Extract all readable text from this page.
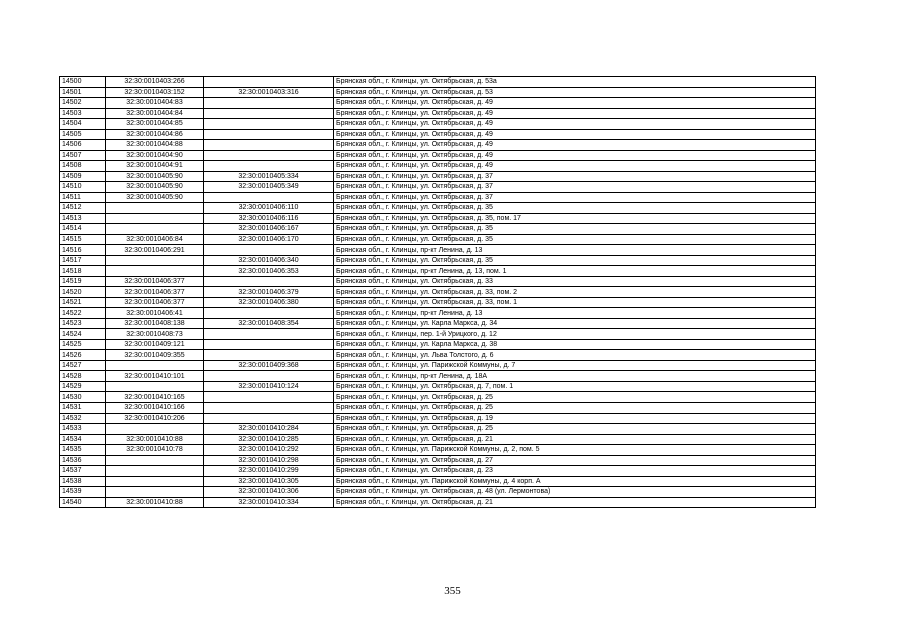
14500	32:30:0010403:266		Брянская обл., г. Клинцы, ул. Октябрьская, д. 53а
14501	32:30:0010403:152	32:30:0010403:316	Брянская обл., г. Клинцы, ул. Октябрьская, д. 53
14502	32:30:0010404:83		Брянская обл., г. Клинцы, ул. Октябрьская, д. 49
14503	32:30:0010404:84		Брянская обл., г. Клинцы, ул. Октябрьская, д. 49
14504	32:30:0010404:85		Брянская обл., г. Клинцы, ул. Октябрьская, д. 49
14505	32:30:0010404:86		Брянская обл., г. Клинцы, ул. Октябрьская, д. 49
14506	32:30:0010404:88		Брянская обл., г. Клинцы, ул. Октябрьская, д. 49
14507	32:30:0010404:90		Брянская обл., г. Клинцы, ул. Октябрьская, д. 49
14508	32:30:0010404:91		Брянская обл., г. Клинцы, ул. Октябрьская, д. 49
14509	32:30:0010405:90	32:30:0010405:334	Брянская обл., г. Клинцы, ул. Октябрьская, д. 37
14510	32:30:0010405:90	32:30:0010405:349	Брянская обл., г. Клинцы, ул. Октябрьская, д. 37
14511	32:30:0010405:90		Брянская обл., г. Клинцы, ул. Октябрьская, д. 37
14512		32:30:0010406:110	Брянская обл., г. Клинцы, ул. Октябрьская, д. 35
14513		32:30:0010406:116	Брянская обл., г. Клинцы, ул. Октябрьская, д. 35, пом. 17
14514		32:30:0010406:167	Брянская обл., г. Клинцы, ул. Октябрьская, д. 35
14515	32:30:0010406:84	32:30:0010406:170	Брянская обл., г. Клинцы, ул. Октябрьская, д. 35
14516	32:30:0010406:291		Брянская обл., г. Клинцы, пр-кт Ленина, д. 13
14517		32:30:0010406:340	Брянская обл., г. Клинцы, ул. Октябрьская, д. 35
14518		32:30:0010406:353	Брянская обл., г. Клинцы, пр-кт Ленина, д. 13, пом. 1
14519	32:30:0010406:377		Брянская обл., г. Клинцы, ул. Октябрьская, д. 33
14520	32:30:0010406:377	32:30:0010406:379	Брянская обл., г. Клинцы, ул. Октябрьская, д. 33, пом. 2
14521	32:30:0010406:377	32:30:0010406:380	Брянская обл., г. Клинцы, ул. Октябрьская, д. 33, пом. 1
14522	32:30:0010406:41		Брянская обл., г. Клинцы, пр-кт Ленина, д. 13
14523	32:30:0010408:138	32:30:0010408:354	Брянская обл., г. Клинцы, ул. Карла Маркса, д. 34
14524	32:30:0010408:73		Брянская обл., г. Клинцы, пер. 1-й Урицкого, д. 12
14525	32:30:0010409:121		Брянская обл., г. Клинцы, ул. Карла Маркса, д. 38
14526	32:30:0010409:355		Брянская обл., г. Клинцы, ул. Льва Толстого, д. 6
14527		32:30:0010409:368	Брянская обл., г. Клинцы, ул. Парижской Коммуны, д. 7
14528	32:30:0010410:101		Брянская обл., г. Клинцы, пр-кт Ленина, д. 18А
14529		32:30:0010410:124	Брянская обл., г. Клинцы, ул. Октябрьская, д. 7, пом. 1
14530	32:30:0010410:165		Брянская обл., г. Клинцы, ул. Октябрьская, д. 25
14531	32:30:0010410:166		Брянская обл., г. Клинцы, ул. Октябрьская, д. 25
14532	32:30:0010410:206		Брянская обл., г. Клинцы, ул. Октябрьская, д. 19
14533		32:30:0010410:284	Брянская обл., г. Клинцы, ул. Октябрьская, д. 25
14534	32:30:0010410:88	32:30:0010410:285	Брянская обл., г. Клинцы, ул. Октябрьская, д. 21
14535	32:30:0010410:78	32:30:0010410:292	Брянская обл., г. Клинцы, ул. Парижской Коммуны, д. 2, пом. 5
14536		32:30:0010410:298	Брянская обл., г. Клинцы, ул. Октябрьская, д. 27
14537		32:30:0010410:299	Брянская обл., г. Клинцы, ул. Октябрьская, д. 23
14538		32:30:0010410:305	Брянская обл., г. Клинцы, ул. Парижской Коммуны, д. 4 корп. А
14539		32:30:0010410:306	Брянская обл., г. Клинцы, ул. Октябрьская, д. 48 (ул. Лермонтова)
14540	32:30:0010410:88	32:30:0010410:334	Брянская обл., г. Клинцы, ул. Октябрьская, д. 21
355
